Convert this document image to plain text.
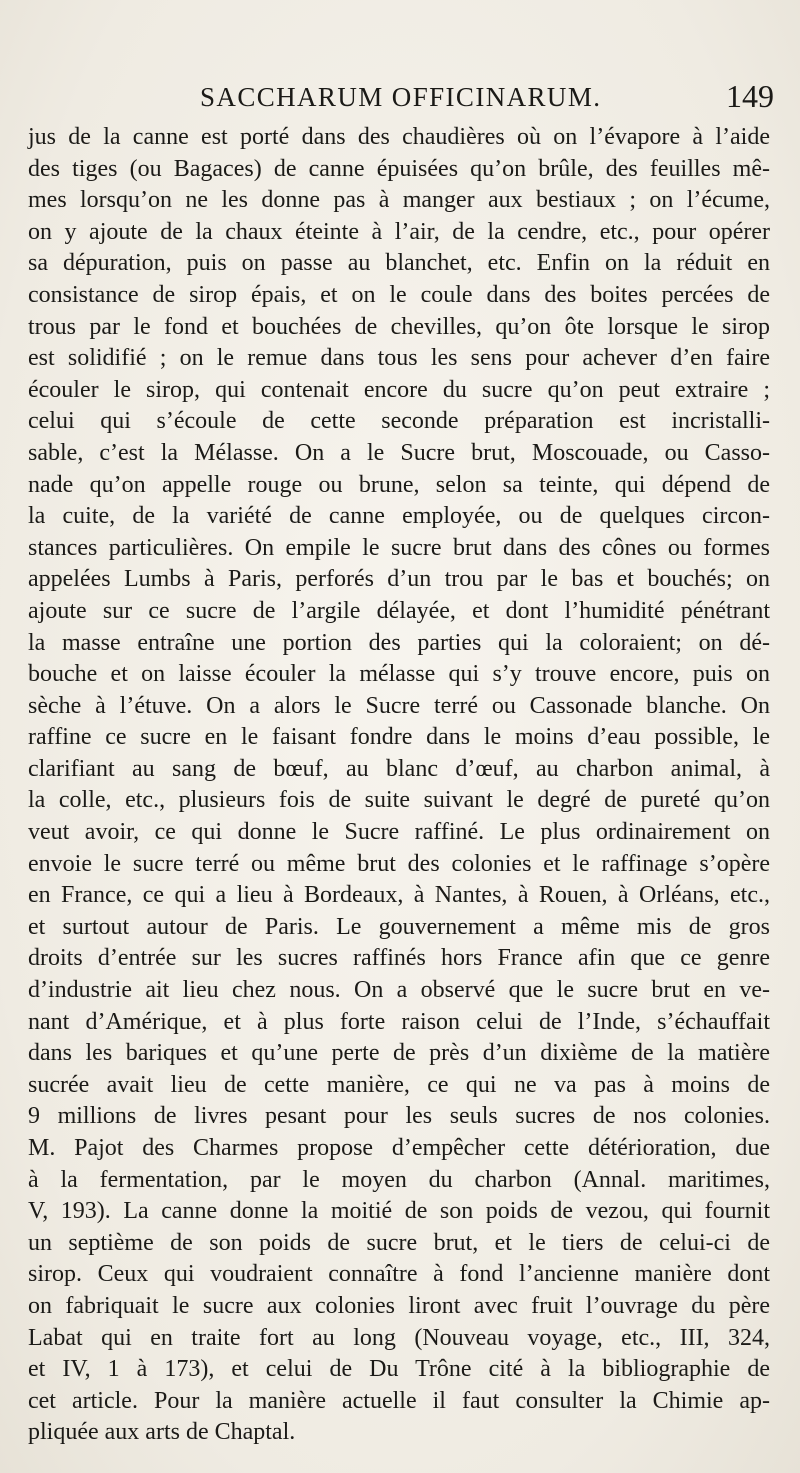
SACCHARUM OFFICINARUM.	149
jus de la canne est porté dans des chaudières où on l’évapore à l’aide
des tiges (ou Bagaces) de canne épuisées qu’on brûle, des feuilles mê-
mes lorsqu’on ne les donne pas à manger aux bestiaux ; on l’écume,
on y ajoute de la chaux éteinte à l’air, de la cendre, etc., pour opérer
sa dépuration, puis on passe au blanchet, etc. Enfin on la réduit en
consistance de sirop épais, et on le coule dans des boites percées de
trous par le fond et bouchées de chevilles, qu’on ôte lorsque le sirop
est solidifié ; on le remue dans tous les sens pour achever d’en faire
écouler le sirop, qui contenait encore du sucre qu’on peut extraire ;
celui qui s’écoule de cette seconde préparation est incristalli-
sable, c’est la Mélasse. On a le Sucre brut, Moscouade, ou Casso-
nade qu’on appelle rouge ou brune, selon sa teinte, qui dépend de
la cuite, de la variété de canne employée, ou de quelques circon-
stances particulières. On empile le sucre brut dans des cônes ou formes
appelées Lumbs à Paris, perforés d’un trou par le bas et bouchés; on
ajoute sur ce sucre de l’argile délayée, et dont l’humidité pénétrant
la masse entraîne une portion des parties qui la coloraient; on dé-
bouche et on laisse écouler la mélasse qui s’y trouve encore, puis on
sèche à l’étuve. On a alors le Sucre terré ou Cassonade blanche. On
raffine ce sucre en le faisant fondre dans le moins d’eau possible, le
clarifiant au sang de bœuf, au blanc d’œuf, au charbon animal, à
la colle, etc., plusieurs fois de suite suivant le degré de pureté qu’on
veut avoir, ce qui donne le Sucre raffiné. Le plus ordinairement on
envoie le sucre terré ou même brut des colonies et le raffinage s’opère
en France, ce qui a lieu à Bordeaux, à Nantes, à Rouen, à Orléans, etc.,
et surtout autour de Paris. Le gouvernement a même mis de gros
droits d’entrée sur les sucres raffinés hors France afin que ce genre
d’industrie ait lieu chez nous. On a observé que le sucre brut en ve-
nant d’Amérique, et à plus forte raison celui de l’Inde, s’échauffait
dans les bariques et qu’une perte de près d’un dixième de la matière
sucrée avait lieu de cette manière, ce qui ne va pas à moins de
9 millions de livres pesant pour les seuls sucres de nos colonies.
M. Pajot des Charmes propose d’empêcher cette détérioration, due
à la fermentation, par le moyen du charbon (Annal. maritimes,
V, 193). La canne donne la moitié de son poids de vezou, qui fournit
un septième de son poids de sucre brut, et le tiers de celui-ci de
sirop. Ceux qui voudraient connaître à fond l’ancienne manière dont
on fabriquait le sucre aux colonies liront avec fruit l’ouvrage du père
Labat qui en traite fort au long (Nouveau voyage, etc., III, 324,
et IV, 1 à 173), et celui de Du Trône cité à la bibliographie de
cet article. Pour la manière actuelle il faut consulter la Chimie ap-
pliquée aux arts de Chaptal.
